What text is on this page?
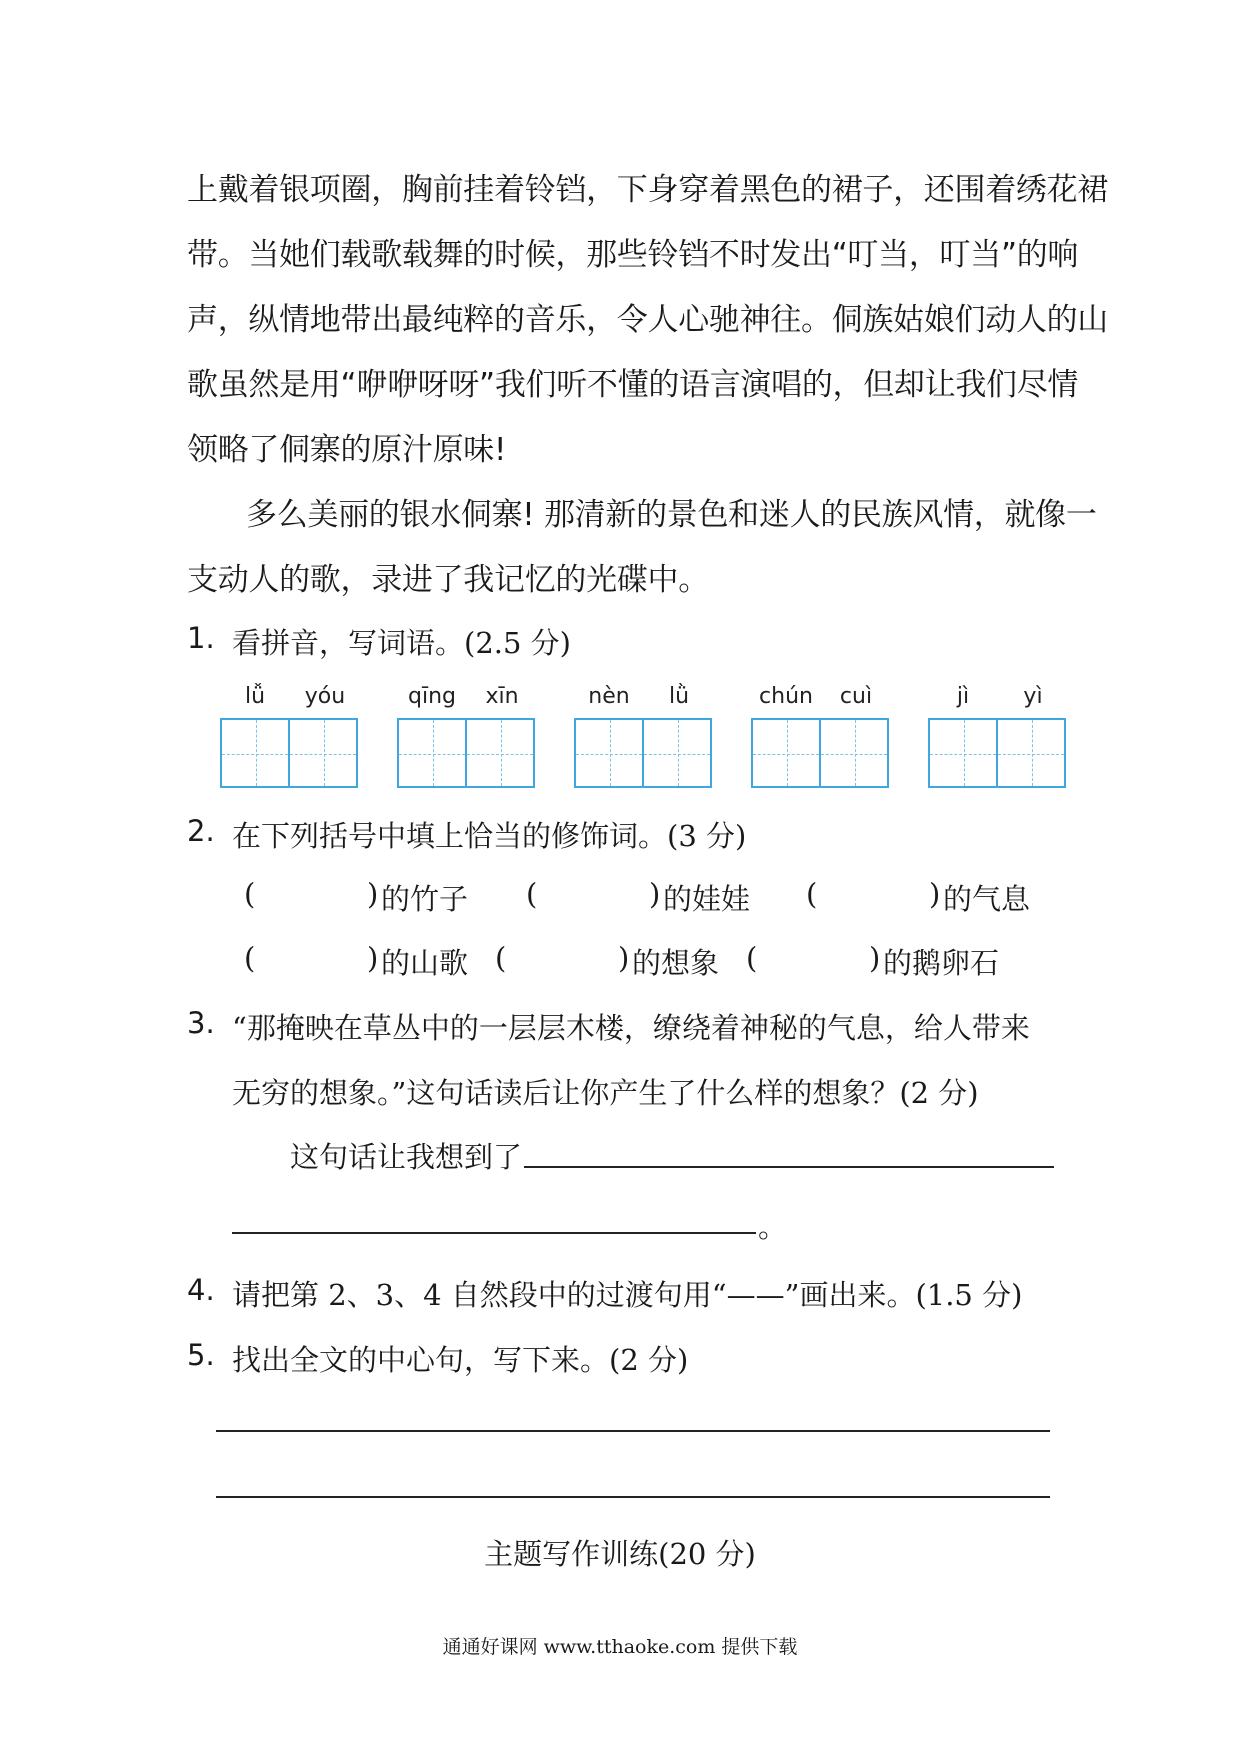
上戴着银项圈，胸前挂着铃铛，下身穿着黑色的裙子，还围着绣花裙
带。当她们载歌载舞的时候，那些铃铛不时发出“叮当，叮当”的响
声，纵情地带出最纯粹的音乐，令人心驰神往。侗族姑娘们动人的山
歌虽然是用“咿咿呀呀”我们听不懂的语言演唱的，但却让我们尽情
领略了侗寨的原汁原味!
多么美丽的银水侗寨! 那清新的景色和迷人的民族风情，就像一
支动人的歌，录进了我记忆的光碟中。
1. 看拼音，写词语。(2.5 分)
lǚ	yóu	qīng	xīn	nèn	lǜ	chún	cuì	jì	yì
2. 在下列括号中填上恰当的修饰词。(3 分)
(	) 的竹子 (	) 的娃娃 (	) 的气息
(	) 的山歌 (	) 的想象 (	) 的鹅卵石
3. “那掩映在草丛中的一层层木楼，缭绕着神秘的气息，给人带来
无穷的想象。”这句话读后让你产生了什么样的想象？(2 分)
这句话让我想到了
。
4. 请把第 2、3、4 自然段中的过渡句用“——”画出来。(1.5 分)
5. 找出全文的中心句，写下来。(2 分)
主题写作训练(20 分)
通通好课网 www.tthaoke.com 提供下载
